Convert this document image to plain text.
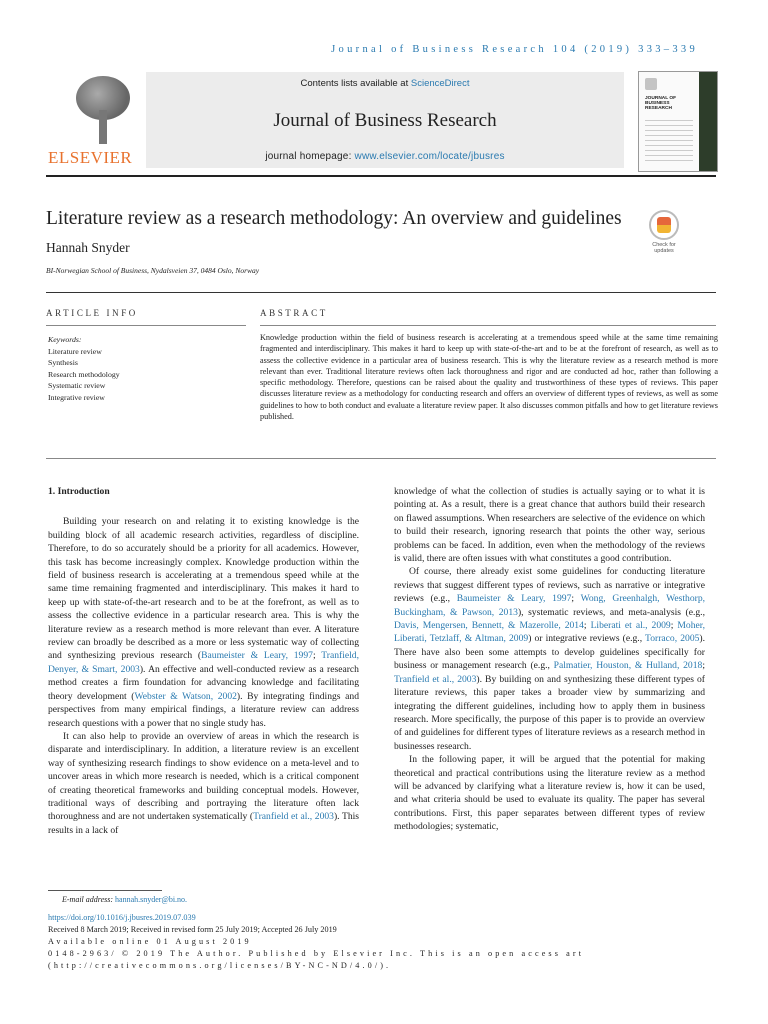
Journal of Business Research 104 (2019) 333–339
ELSEVIER
Contents lists available at ScienceDirect
Journal of Business Research
journal homepage: www.elsevier.com/locate/jbusres
JOURNAL OF BUSINESS RESEARCH
Literature review as a research methodology: An overview and guidelines
Hannah Snyder
BI-Norwegian School of Business, Nydalsveien 37, 0484 Oslo, Norway
Check for updates
ARTICLE INFO
Keywords:
Literature review
Synthesis
Research methodology
Systematic review
Integrative review
ABSTRACT
Knowledge production within the field of business research is accelerating at a tremendous speed while at the same time remaining fragmented and interdisciplinary. This makes it hard to keep up with state-of-the-art and to be at the forefront of research, as well as to assess the collective evidence in a particular area of business research. This is why the literature review as a research method is more relevant than ever. Traditional literature reviews often lack thoroughness and rigor and are conducted ad hoc, rather than following a specific methodology. Therefore, questions can be raised about the quality and trustworthiness of these types of reviews. This paper discusses literature review as a methodology for conducting research and offers an overview of different types of reviews, as well as some guidelines to how to both conduct and evaluate a literature review paper. It also discusses common pitfalls and how to get literature reviews published.
1. Introduction

Building your research on and relating it to existing knowledge is the building block of all academic research activities, regardless of discipline. Therefore, to do so accurately should be a priority for all academics. However, this task has become increasingly complex. Knowledge production within the field of business research is accelerating at a tremendous speed while at the same time remaining fragmented and interdisciplinary. This makes it hard to keep up with state-of-the-art research and to be at the forefront, as well as to assess the collective evidence in a particular research area. This is why the literature review as a research method is more relevant than ever. A literature review can broadly be described as a more or less systematic way of collecting and synthesizing previous research (Baumeister & Leary, 1997; Tranfield, Denyer, & Smart, 2003). An effective and well-conducted review as a research method creates a firm foundation for advancing knowledge and facilitating theory development (Webster & Watson, 2002). By integrating findings and perspectives from many empirical findings, a literature review can address research questions with a power that no single study has.

It can also help to provide an overview of areas in which the research is disparate and interdisciplinary. In addition, a literature review is an excellent way of synthesizing research findings to show evidence on a meta-level and to uncover areas in which more research is needed, which is a critical component of creating theoretical frameworks and building conceptual models. However, traditional ways of describing and portraying the literature often lack thoroughness and are not undertaken systematically (Tranfield et al., 2003). This results in a lack of

knowledge of what the collection of studies is actually saying or to what it is pointing at. As a result, there is a great chance that authors build their research on flawed assumptions. When researchers are selective of the evidence on which to build their research, ignoring research that points the other way, serious problems can be faced. In addition, even when the methodology of the reviews is valid, there are often issues with what constitutes a good contribution.

Of course, there already exist some guidelines for conducting literature reviews that suggest different types of reviews, such as narrative or integrative reviews (e.g., Baumeister & Leary, 1997; Wong, Greenhalgh, Westhorp, Buckingham, & Pawson, 2013), systematic reviews, and meta-analysis (e.g., Davis, Mengersen, Bennett, & Mazerolle, 2014; Liberati et al., 2009; Moher, Liberati, Tetzlaff, & Altman, 2009) or integrative reviews (e.g., Torraco, 2005). There have also been some attempts to develop guidelines specifically for business or management research (e.g., Palmatier, Houston, & Hulland, 2018; Tranfield et al., 2003). By building on and synthesizing these different types of literature reviews, this paper takes a broader view by summarizing and integrating the different guidelines, including how to apply them in business research. More specifically, the purpose of this paper is to provide an overview of and guidelines for different types of literature reviews as a research method in businesses research.

In the following paper, it will be argued that the potential for making theoretical and practical contributions using the literature review as a method will be advanced by clarifying what a literature review is, how it can be used, and what criteria should be used to evaluate its quality. The paper has several contributions. First, this paper separates between different types of review methodologies; systematic,

E-mail address: hannah.snyder@bi.no.
https://doi.org/10.1016/j.jbusres.2019.07.039
Received 8 March 2019; Received in revised form 25 July 2019; Accepted 26 July 2019
Available online 01 August 2019
0148-2963/ © 2019 The Author. Published by Elsevier Inc. This is an open access art
(http://creativecommons.org/licenses/BY-NC-ND/4.0/).
